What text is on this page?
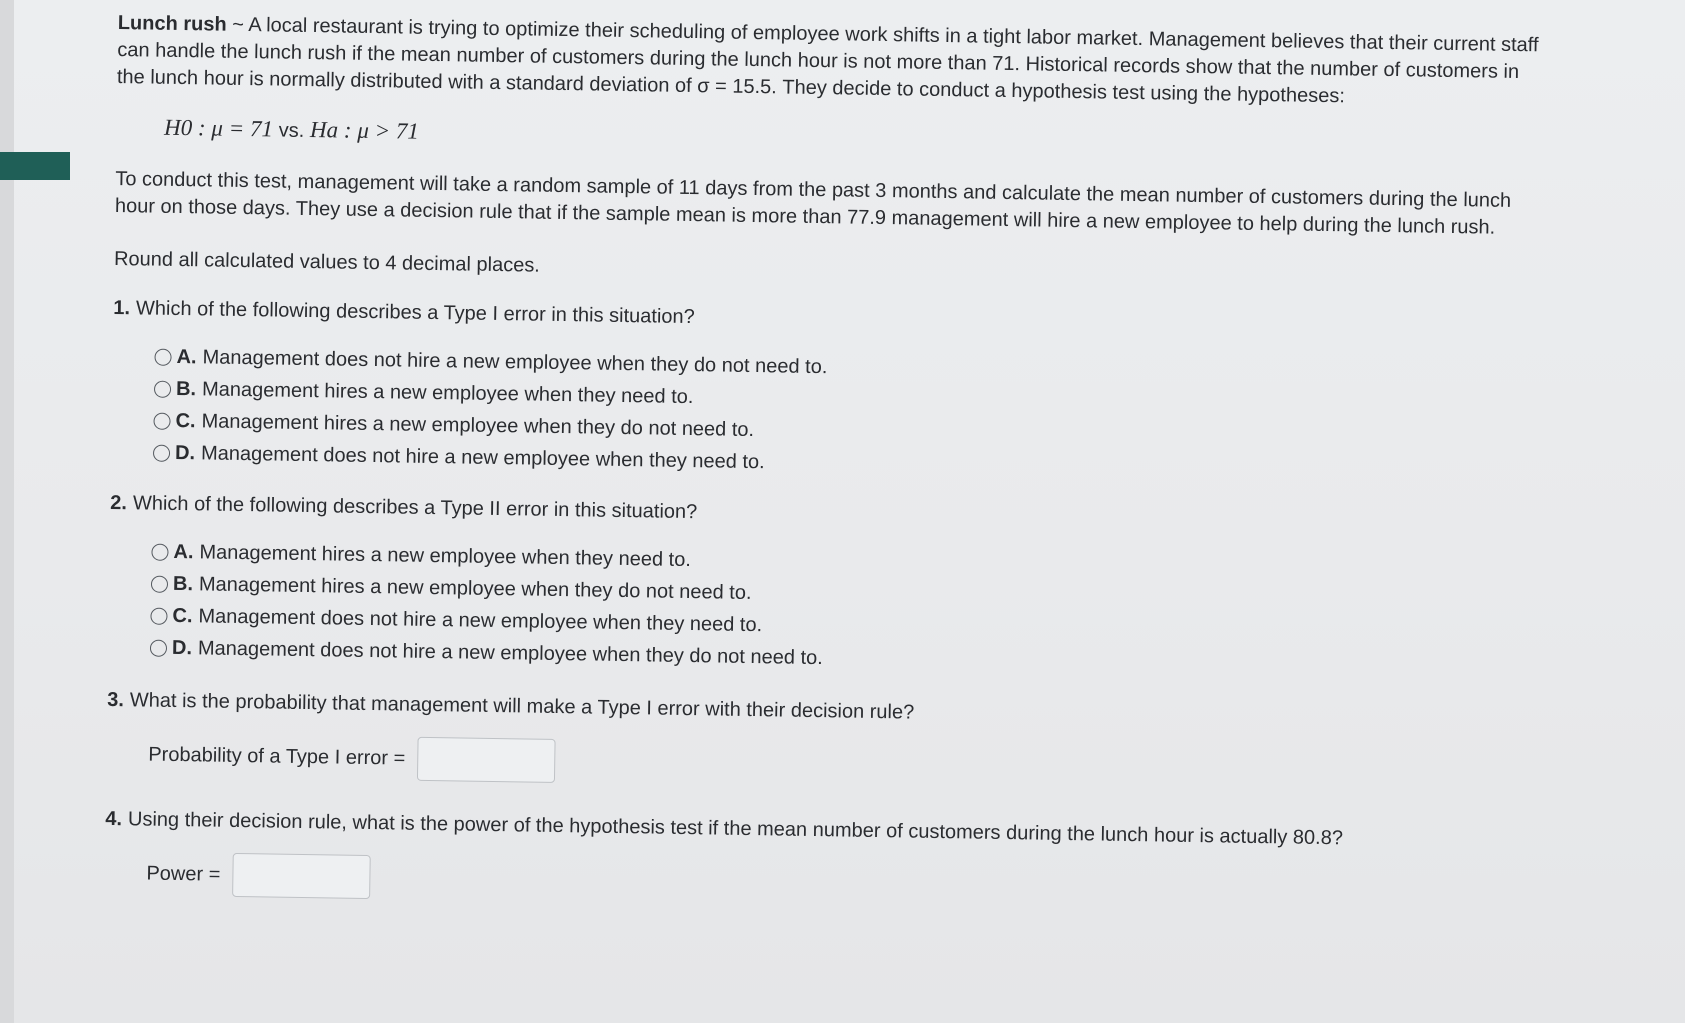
Lunch rush ~ A local restaurant is trying to optimize their scheduling of employee work shifts in a tight labor market. Management believes that their current staff can handle the lunch rush if the mean number of customers during the lunch hour is not more than 71. Historical records show that the number of customers in the lunch hour is normally distributed with a standard deviation of σ = 15.5. They decide to conduct a hypothesis test using the hypotheses:

H0 : μ = 71 vs. Ha : μ > 71

To conduct this test, management will take a random sample of 11 days from the past 3 months and calculate the mean number of customers during the lunch hour on those days. They use a decision rule that if the sample mean is more than 77.9 management will hire a new employee to help during the lunch rush.

Round all calculated values to 4 decimal places.

1. Which of the following describes a Type I error in this situation?
A. Management does not hire a new employee when they do not need to.
B. Management hires a new employee when they need to.
C. Management hires a new employee when they do not need to.
D. Management does not hire a new employee when they need to.
2. Which of the following describes a Type II error in this situation?
A. Management hires a new employee when they need to.
B. Management hires a new employee when they do not need to.
C. Management does not hire a new employee when they need to.
D. Management does not hire a new employee when they do not need to.
3. What is the probability that management will make a Type I error with their decision rule?
Probability of a Type I error =
4. Using their decision rule, what is the power of the hypothesis test if the mean number of customers during the lunch hour is actually 80.8?
Power =
